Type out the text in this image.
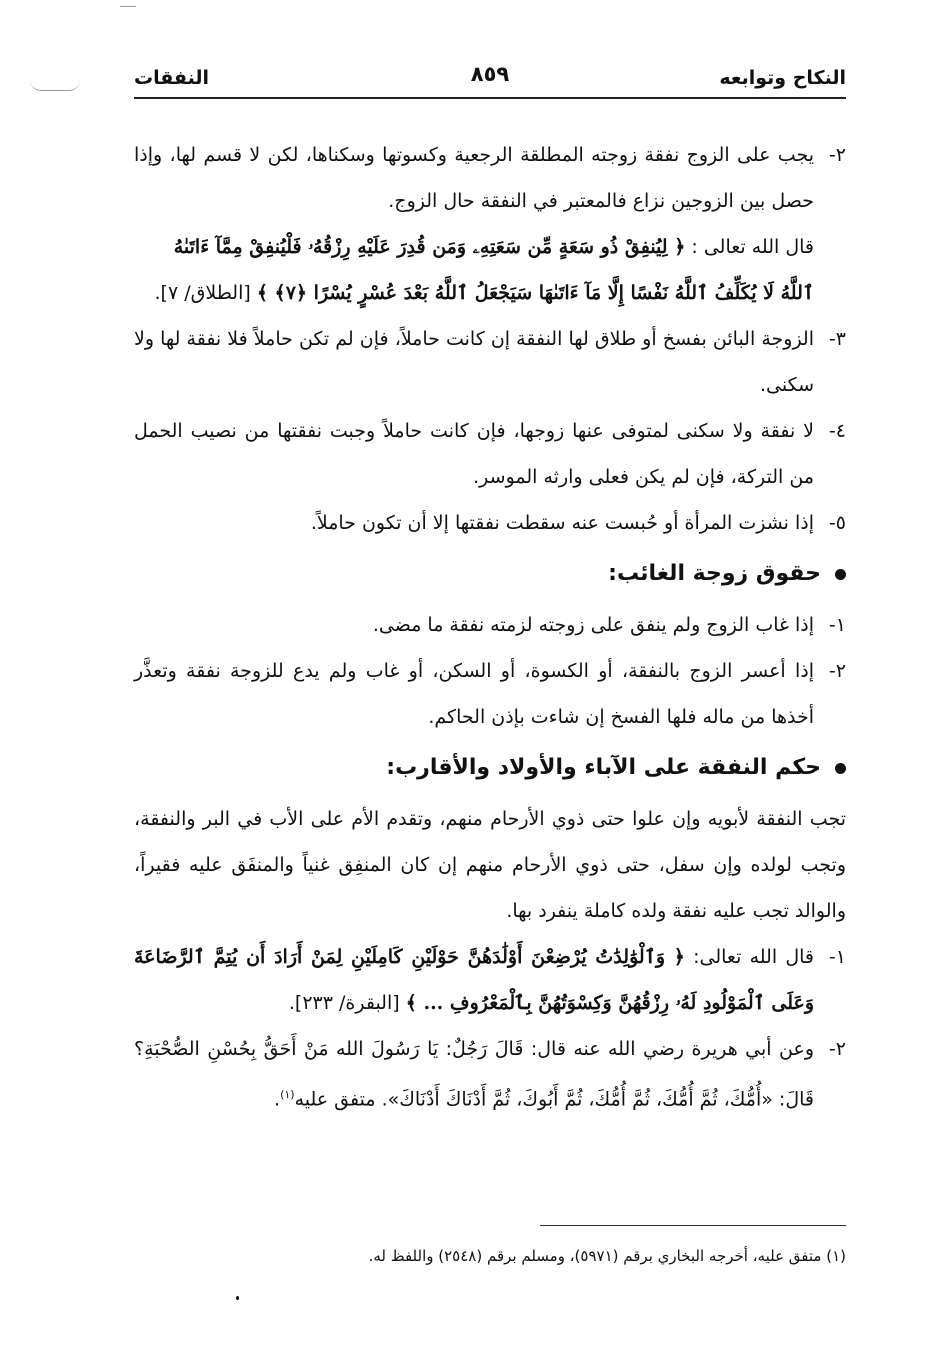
النكاح وتوابعه
٨٥٩
النفقات

٢-
يجب على الزوج نفقة زوجته المطلقة الرجعية وكسوتها وسكناها، لكن لا قسم لها، وإذا حصل بين الزوجين نزاع فالمعتبر في النفقة حال الزوج.

قال الله تعالى : ﴿ لِيُنفِقْ ذُو سَعَةٍ مِّن سَعَتِهِۦ وَمَن قُدِرَ عَلَيْهِ رِزْقُهُۥ فَلْيُنفِقْ مِمَّآ ءَاتَىٰهُ ٱللَّهُ لَا يُكَلِّفُ ٱللَّهُ نَفْسًا إِلَّا مَآ ءَاتَىٰهَا سَيَجْعَلُ ٱللَّهُ بَعْدَ عُسْرٍ يُسْرًا ﴿٧﴾ ﴾ [الطلاق/ ٧].

٣-
الزوجة البائن بفسخ أو طلاق لها النفقة إن كانت حاملاً، فإن لم تكن حاملاً فلا نفقة لها ولا سكنى.

٤-
لا نفقة ولا سكنى لمتوفى عنها زوجها، فإن كانت حاملاً وجبت نفقتها من نصيب الحمل من التركة، فإن لم يكن فعلى وارثه الموسر.

٥-
إذا نشزت المرأة أو حُبست عنه سقطت نفقتها إلا أن تكون حاملاً.

حقوق زوجة الغائب:

١-
إذا غاب الزوج ولم ينفق على زوجته لزمته نفقة ما مضى.

٢-
إذا أعسر الزوج بالنفقة، أو الكسوة، أو السكن، أو غاب ولم يدع للزوجة نفقة وتعذَّر أخذها من ماله فلها الفسخ إن شاءت بإذن الحاكم.

حكم النفقة على الآباء والأولاد والأقارب:

تجب النفقة لأبويه وإن علوا حتى ذوي الأرحام منهم، وتقدم الأم على الأب في البر والنفقة، وتجب لولده وإن سفل، حتى ذوي الأرحام منهم إن كان المنفِق غنياً والمنفَق عليه فقيراً، والوالد تجب عليه نفقة ولده كاملة ينفرد بها.

١-
قال الله تعالى: ﴿ وَٱلْوَٰلِدَٰتُ يُرْضِعْنَ أَوْلَٰدَهُنَّ حَوْلَيْنِ كَامِلَيْنِ لِمَنْ أَرَادَ أَن يُتِمَّ ٱلرَّضَاعَةَ وَعَلَى ٱلْمَوْلُودِ لَهُۥ رِزْقُهُنَّ وَكِسْوَتُهُنَّ بِٱلْمَعْرُوفِ ... ﴾ [البقرة/ ٢٣٣].

٢-
وعن أبي هريرة رضي الله عنه قال: قَالَ رَجُلٌ: يَا رَسُولَ الله مَنْ أَحَقُّ بِحُسْنِ الصُّحْبَةِ؟ قَالَ: «أُمُّكَ، ثُمَّ أُمُّكَ، ثُمَّ أُمُّكَ، ثُمَّ أَبُوكَ، ثُمَّ أَدْنَاكَ أَدْنَاكَ». متفق عليه$^{(١)}$.

(١) متفق عليه، أخرجه البخاري برقم (٥٩٧١)، ومسلم برقم (٢٥٤٨) واللفظ له.
